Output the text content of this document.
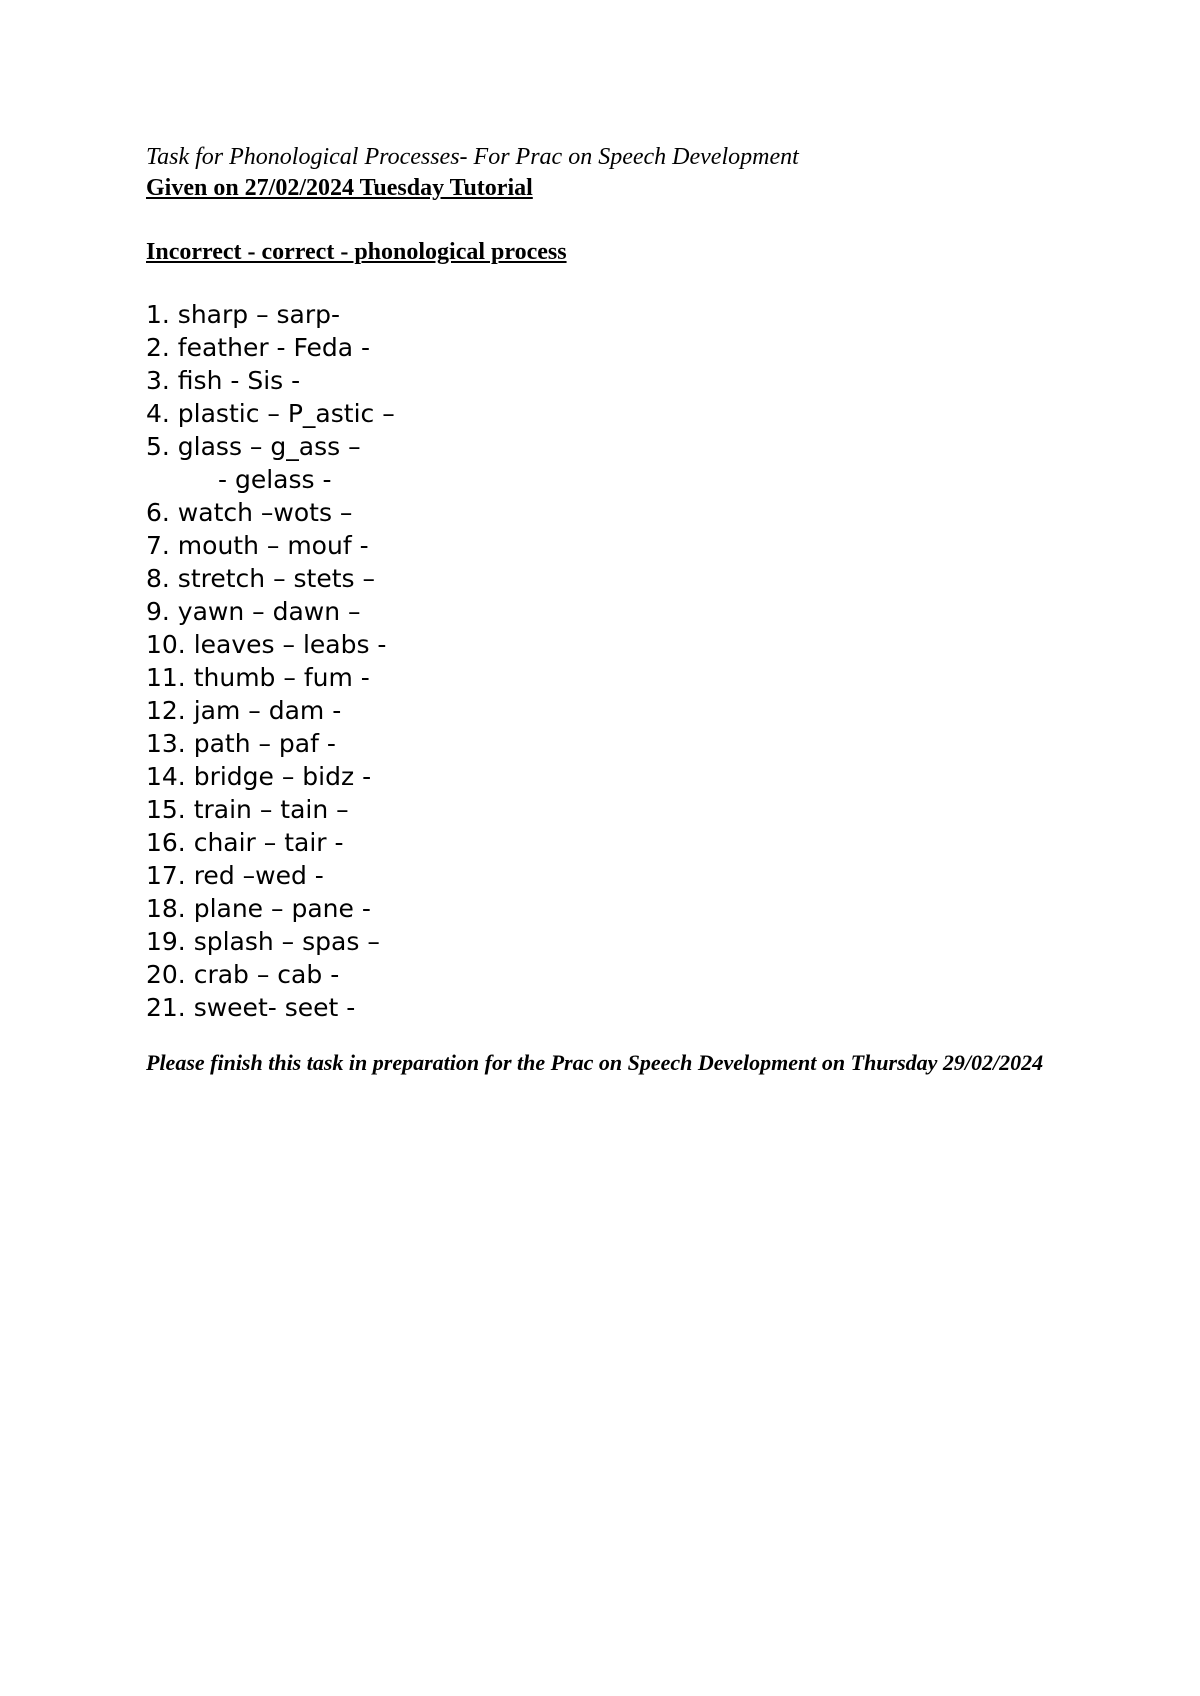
Task for Phonological Processes- For Prac on Speech Development

Given on 27/02/2024 Tuesday Tutorial

Incorrect - correct - phonological process

1. sharp – sarp-
2. feather - Feda -
3. fish - Sis -
4. plastic – P_astic –
5. glass – g_ass –
- gelass -
6. watch –wots –
7. mouth – mouf -
8. stretch – stets –
9. yawn – dawn –
10. leaves – leabs -
11. thumb – fum -
12. jam – dam -
13. path – paf -
14. bridge – bidz -
15. train – tain –
16. chair – tair -
17. red –wed -
18. plane – pane -
19. splash – spas –
20. crab – cab -
21. sweet- seet -

Please finish this task in preparation for the Prac on Speech Development on Thursday 29/02/2024
